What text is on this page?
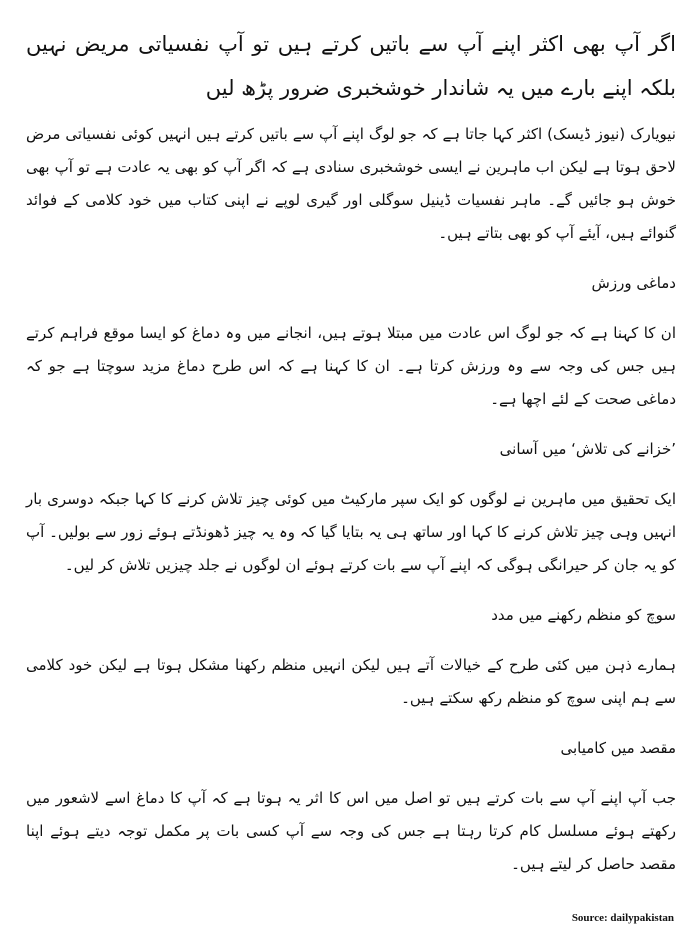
اگر آپ بھی اکثر اپنے آپ سے باتیں کرتے ہیں تو آپ نفسیاتی مریض نہیں بلکہ اپنے بارے میں یہ شاندار خوشخبری ضرور پڑھ لیں

نیویارک (نیوز ڈیسک) اکثر کہا جاتا ہے کہ جو لوگ اپنے آپ سے باتیں کرتے ہیں انہیں کوئی نفسیاتی مرض لاحق ہوتا ہے لیکن اب ماہرین نے ایسی خوشخبری سنادی ہے کہ اگر آپ کو بھی یہ عادت ہے تو آپ بھی خوش ہو جائیں گے۔ ماہر نفسیات ڈینیل سوگلی اور گیری لوپے نے اپنی کتاب میں خود کلامی کے فوائد گنوائے ہیں، آیئے آپ کو بھی بتاتے ہیں۔

دماغی ورزش

ان کا کہنا ہے کہ جو لوگ اس عادت میں مبتلا ہوتے ہیں، انجانے میں وہ دماغ کو ایسا موقع فراہم کرتے ہیں جس کی وجہ سے وہ ورزش کرتا ہے۔ ان کا کہنا ہے کہ اس طرح دماغ مزید سوچتا ہے جو کہ دماغی صحت کے لئے اچھا ہے۔

’خزانے کی تلاش‘ میں آسانی

ایک تحقیق میں ماہرین نے لوگوں کو ایک سپر مارکیٹ میں کوئی چیز تلاش کرنے کا کہا جبکہ دوسری بار انہیں وہی چیز تلاش کرنے کا کہا اور ساتھ ہی یہ بتایا گیا کہ وہ یہ چیز ڈھونڈتے ہوئے زور سے بولیں۔ آپ کو یہ جان کر حیرانگی ہوگی کہ اپنے آپ سے بات کرتے ہوئے ان لوگوں نے جلد چیزیں تلاش کر لیں۔

سوچ کو منظم رکھنے میں مدد

ہمارے ذہن میں کئی طرح کے خیالات آتے ہیں لیکن انہیں منظم رکھنا مشکل ہوتا ہے لیکن خود کلامی سے ہم اپنی سوچ کو منظم رکھ سکتے ہیں۔

مقصد میں کامیابی

جب آپ اپنے آپ سے بات کرتے ہیں تو اصل میں اس کا اثر یہ ہوتا ہے کہ آپ کا دماغ اسے لاشعور میں رکھتے ہوئے مسلسل کام کرتا رہتا ہے جس کی وجہ سے آپ کسی بات پر مکمل توجہ دیتے ہوئے اپنا مقصد حاصل کر لیتے ہیں۔

Source: dailypakistan
